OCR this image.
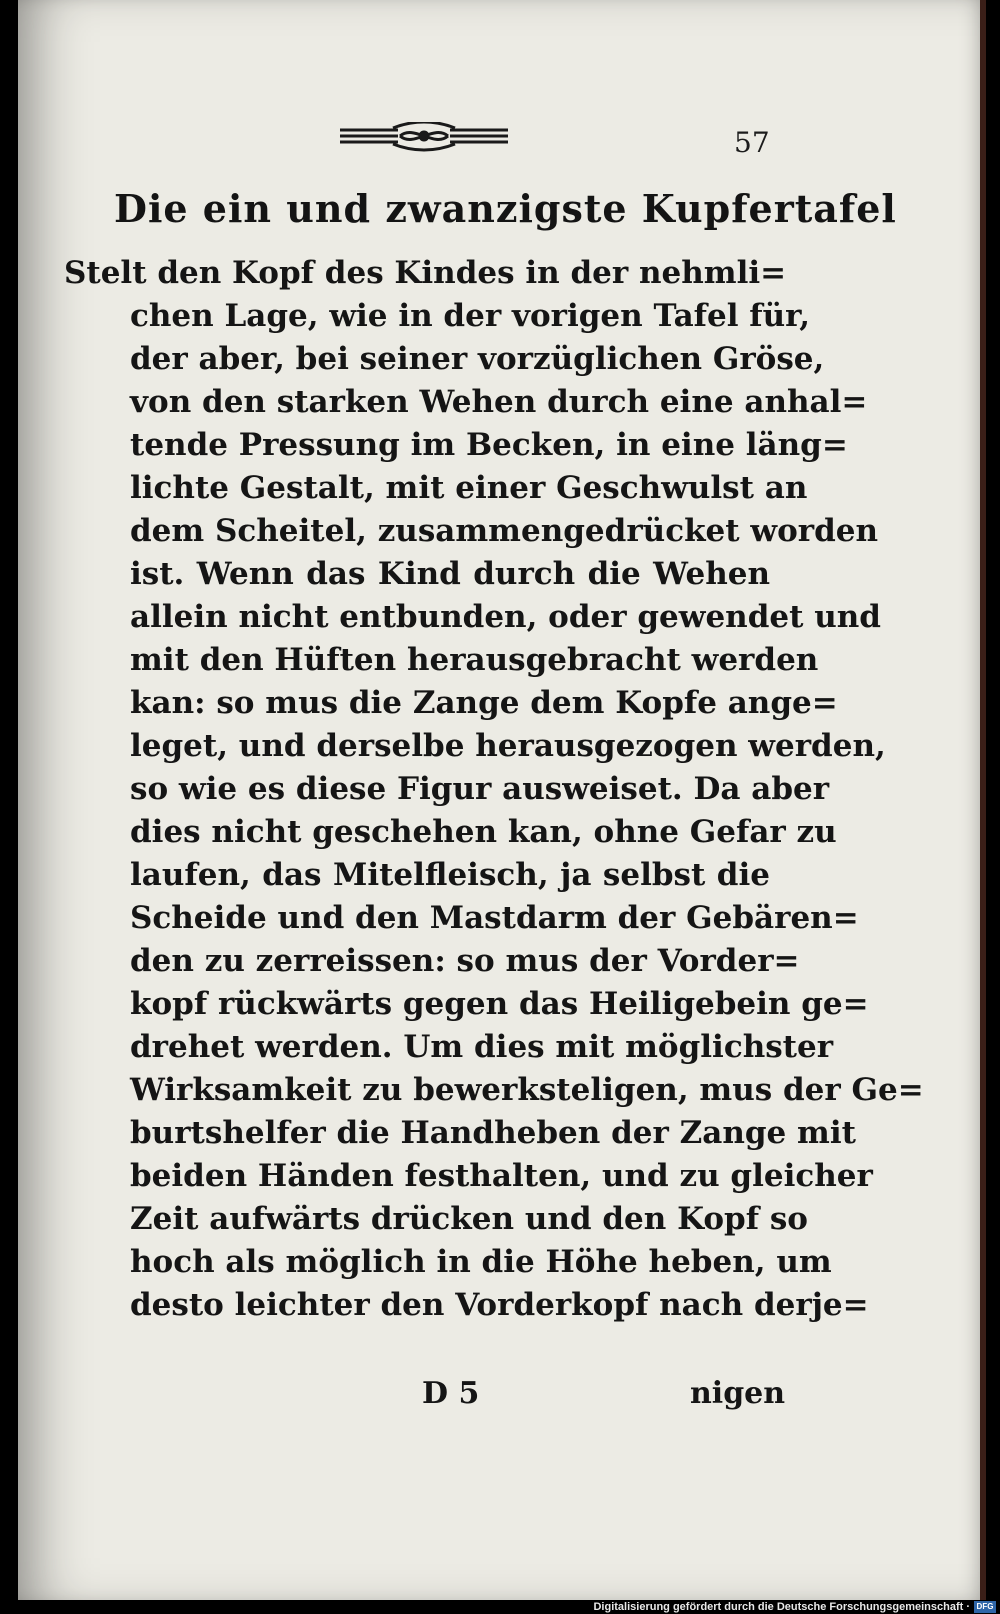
57
Die ein und zwanzigste Kupfertafel
Stelt den Kopf des Kindes in der nehmli=
chen Lage, wie in der vorigen Tafel für,
der aber, bei seiner vorzüglichen Gröse,
von den starken Wehen durch eine anhal=
tende Pressung im Becken, in eine läng=
lichte Gestalt, mit einer Geschwulst an
dem Scheitel, zusammengedrücket worden
ist. Wenn das Kind durch die Wehen
allein nicht entbunden, oder gewendet und
mit den Hüften herausgebracht werden
kan: so mus die Zange dem Kopfe ange=
leget, und derselbe herausgezogen werden,
so wie es diese Figur ausweiset. Da aber
dies nicht geschehen kan, ohne Gefar zu
laufen, das Mitelfleisch, ja selbst die
Scheide und den Mastdarm der Gebären=
den zu zerreissen: so mus der Vorder=
kopf rückwärts gegen das Heiligebein ge=
drehet werden. Um dies mit möglichster
Wirksamkeit zu bewerksteligen, mus der Ge=
burtshelfer die Handheben der Zange mit
beiden Händen festhalten, und zu gleicher
Zeit aufwärts drücken und den Kopf so
hoch als möglich in die Höhe heben, um
desto leichter den Vorderkopf nach derje=
D 5	nigen
Digitalisierung gefördert durch die Deutsche Forschungsgemeinschaft · DFG
